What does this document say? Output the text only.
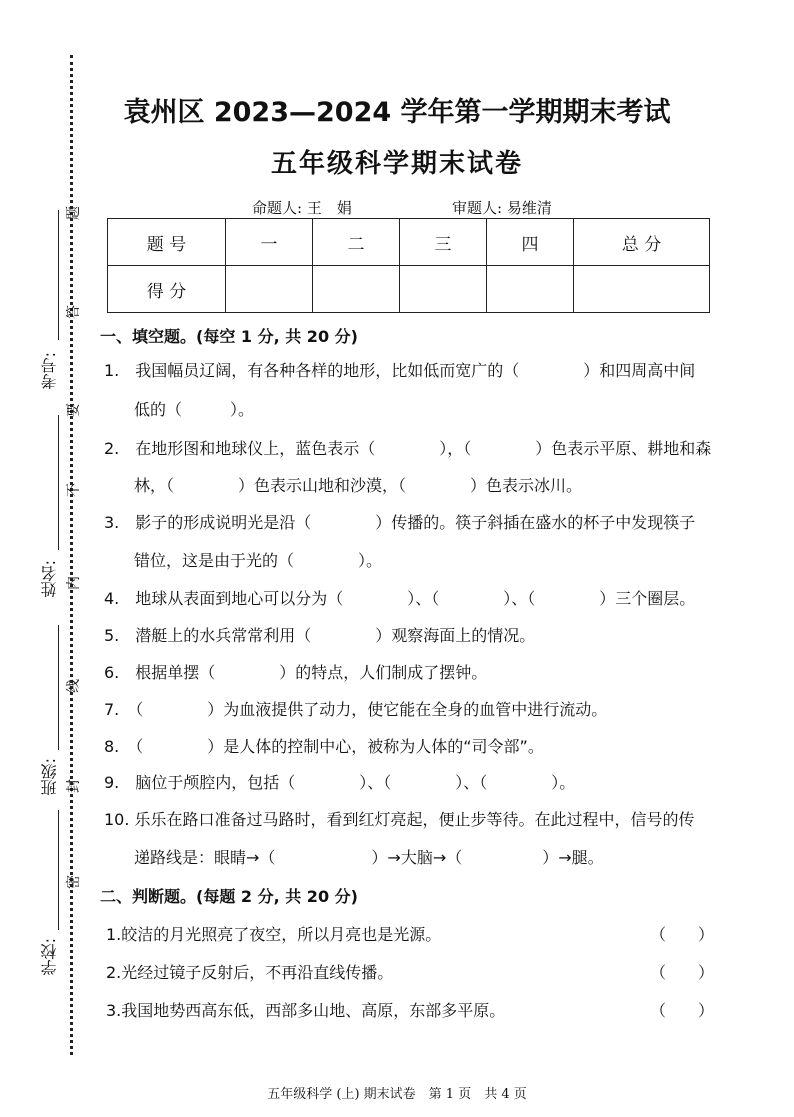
考号:
姓名:
班级:
学校:
题
答
要
不
内
线
封
密
袁州区 2023—2024 学年第一学期期末考试
五年级科学期末试卷
命题人: 王　娟	审题人: 易维清
题 号	一	二	三	四	总 分
得 分					
一、填空题。(每空 1 分, 共 20 分)
1.　我国幅员辽阔，有各种各样的地形，比如低而宽广的（　　　　）和四周高中间
低的（　　　）。
2.　在地形图和地球仪上，蓝色表示（　　　　），（　　　　）色表示平原、耕地和森
林，（　　　　）色表示山地和沙漠，（　　　　）色表示冰川。
3.　影子的形成说明光是沿（　　　　）传播的。筷子斜插在盛水的杯子中发现筷子
错位，这是由于光的（　　　　）。
4.　地球从表面到地心可以分为（　　　　）、（　　　　）、（　　　　）三个圈层。
5.　潜艇上的水兵常常利用（　　　　）观察海面上的情况。
6.　根据单摆（　　　　）的特点，人们制成了摆钟。
7.　（　　　　）为血液提供了动力，使它能在全身的血管中进行流动。
8.　（　　　　）是人体的控制中心，被称为人体的“司令部”。
9.　脑位于颅腔内，包括（　　　　）、（　　　　）、（　　　　）。
10. 乐乐在路口准备过马路时，看到红灯亮起，便止步等待。在此过程中，信号的传
递路线是：眼睛→（　　　　　　）→大脑→（　　　　　）→腿。
二、判断题。(每题 2 分, 共 20 分)
1.皎洁的月光照亮了夜空，所以月亮也是光源。	（　　）
2.光经过镜子反射后，不再沿直线传播。	（　　）
3.我国地势西高东低，西部多山地、高原，东部多平原。	（　　）
五年级科学 (上) 期末试卷　第 1 页　共 4 页
